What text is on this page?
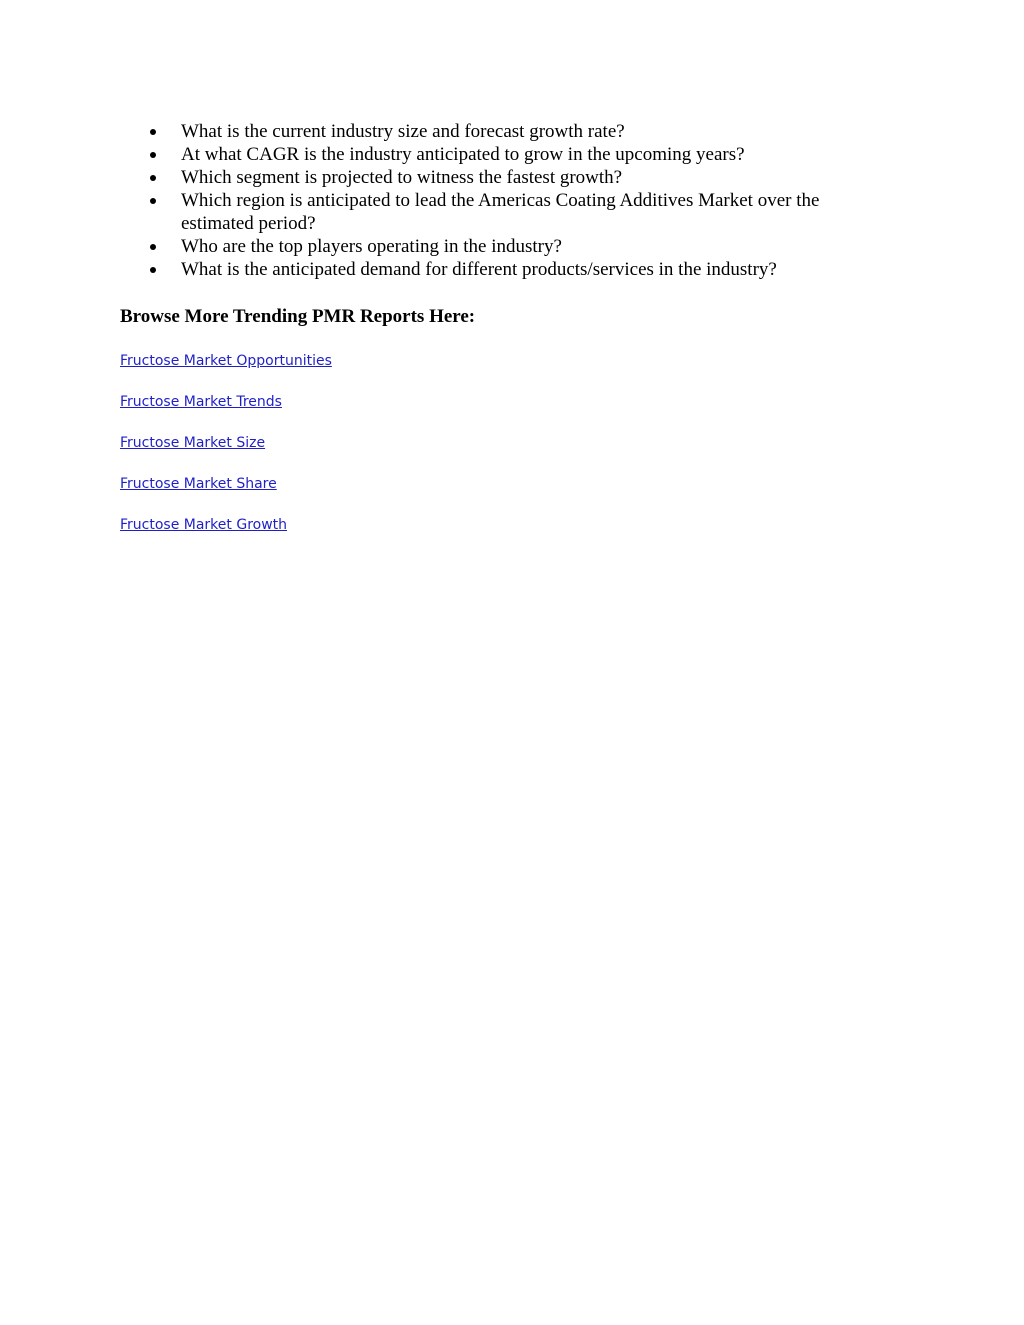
What is the current industry size and forecast growth rate?
At what CAGR is the industry anticipated to grow in the upcoming years?
Which segment is projected to witness the fastest growth?
Which region is anticipated to lead the Americas Coating Additives Market over the estimated period?
Who are the top players operating in the industry?
What is the anticipated demand for different products/services in the industry?
Browse More Trending PMR Reports Here:
Fructose Market Opportunities
Fructose Market Trends
Fructose Market Size
Fructose Market Share
Fructose Market Growth
